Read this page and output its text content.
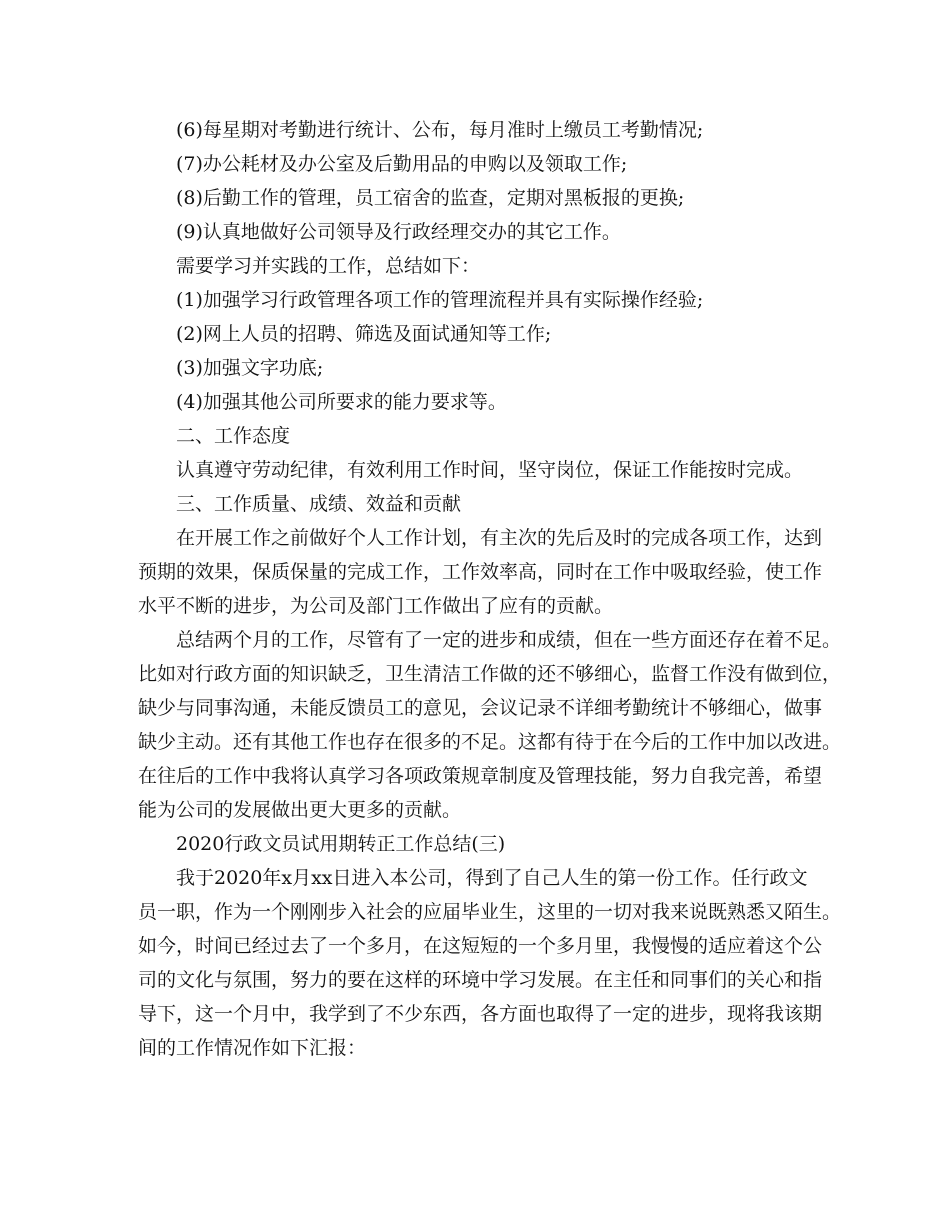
(6)每星期对考勤进行统计、公布，每月准时上缴员工考勤情况;
(7)办公耗材及办公室及后勤用品的申购以及领取工作;
(8)后勤工作的管理，员工宿舍的监查，定期对黑板报的更换;
(9)认真地做好公司领导及行政经理交办的其它工作。
需要学习并实践的工作，总结如下：
(1)加强学习行政管理各项工作的管理流程并具有实际操作经验;
(2)网上人员的招聘、筛选及面试通知等工作;
(3)加强文字功底;
(4)加强其他公司所要求的能力要求等。
二、工作态度
认真遵守劳动纪律，有效利用工作时间，坚守岗位，保证工作能按时完成。
三、工作质量、成绩、效益和贡献
在开展工作之前做好个人工作计划，有主次的先后及时的完成各项工作，达到
预期的效果，保质保量的完成工作，工作效率高，同时在工作中吸取经验，使工作
水平不断的进步，为公司及部门工作做出了应有的贡献。
总结两个月的工作，尽管有了一定的进步和成绩，但在一些方面还存在着不足。
比如对行政方面的知识缺乏，卫生清洁工作做的还不够细心，监督工作没有做到位，
缺少与同事沟通，未能反馈员工的意见，会议记录不详细考勤统计不够细心，做事
缺少主动。还有其他工作也存在很多的不足。这都有待于在今后的工作中加以改进。
在往后的工作中我将认真学习各项政策规章制度及管理技能，努力自我完善，希望
能为公司的发展做出更大更多的贡献。
2020行政文员试用期转正工作总结(三)
我于2020年x月xx日进入本公司，得到了自己人生的第一份工作。任行政文
员一职，作为一个刚刚步入社会的应届毕业生，这里的一切对我来说既熟悉又陌生。
如今，时间已经过去了一个多月，在这短短的一个多月里，我慢慢的适应着这个公
司的文化与氛围，努力的要在这样的环境中学习发展。在主任和同事们的关心和指
导下，这一个月中，我学到了不少东西，各方面也取得了一定的进步，现将我该期
间的工作情况作如下汇报：
